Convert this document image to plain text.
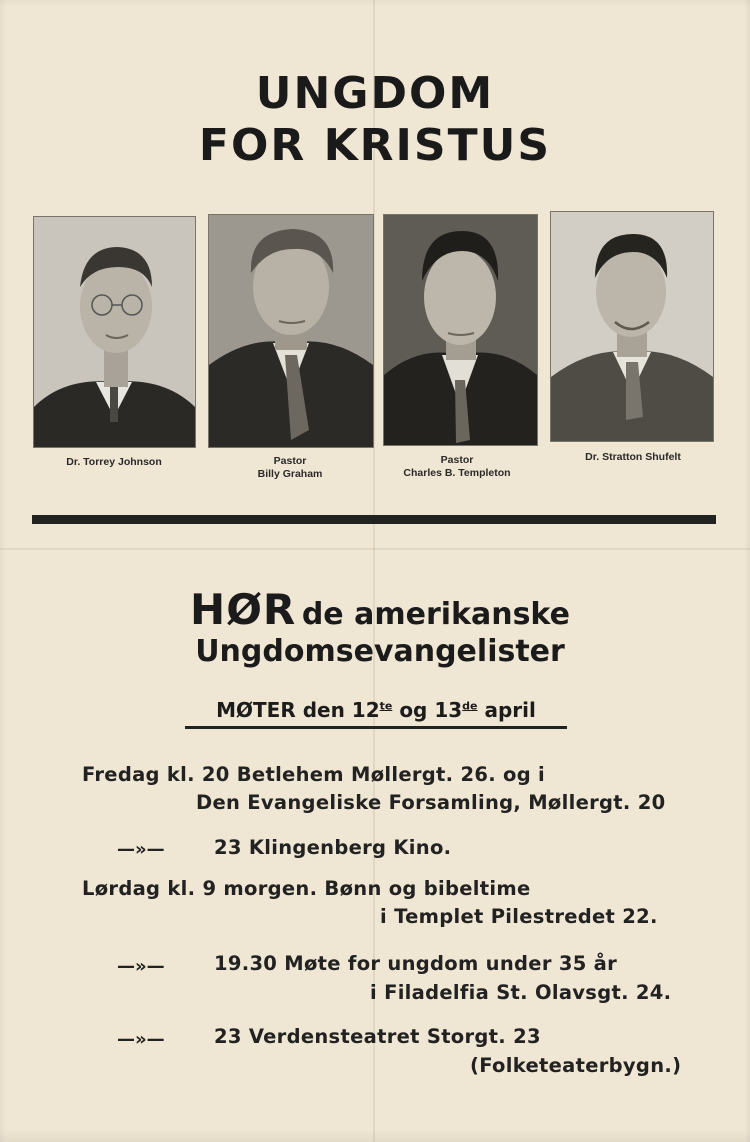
UNGDOM
FOR KRISTUS
Dr. Torrey Johnson	Pastor
Billy Graham
Pastor
Charles B. Templeton
Dr. Stratton Shufelt
HØR de amerikanske
Ungdomsevangelister
MØTER den $12^{te}$ og 13de april
Fredag kl. 20 Betlehem Møllergt. 26. og i
Den Evangeliske Forsamling, Møllergt. 20
—»—	23 Klingenberg Kino.
Lørdag kl. 9 morgen. Bønn og bibeltime
i Templet Pilestredet 22.
—»—	19.30 Møte for ungdom under 35 år
i Filadelfia St. Olavsgt. 24.
—»—	23 Verdensteatret Storgt. 23
(Folketeaterbygn.)
